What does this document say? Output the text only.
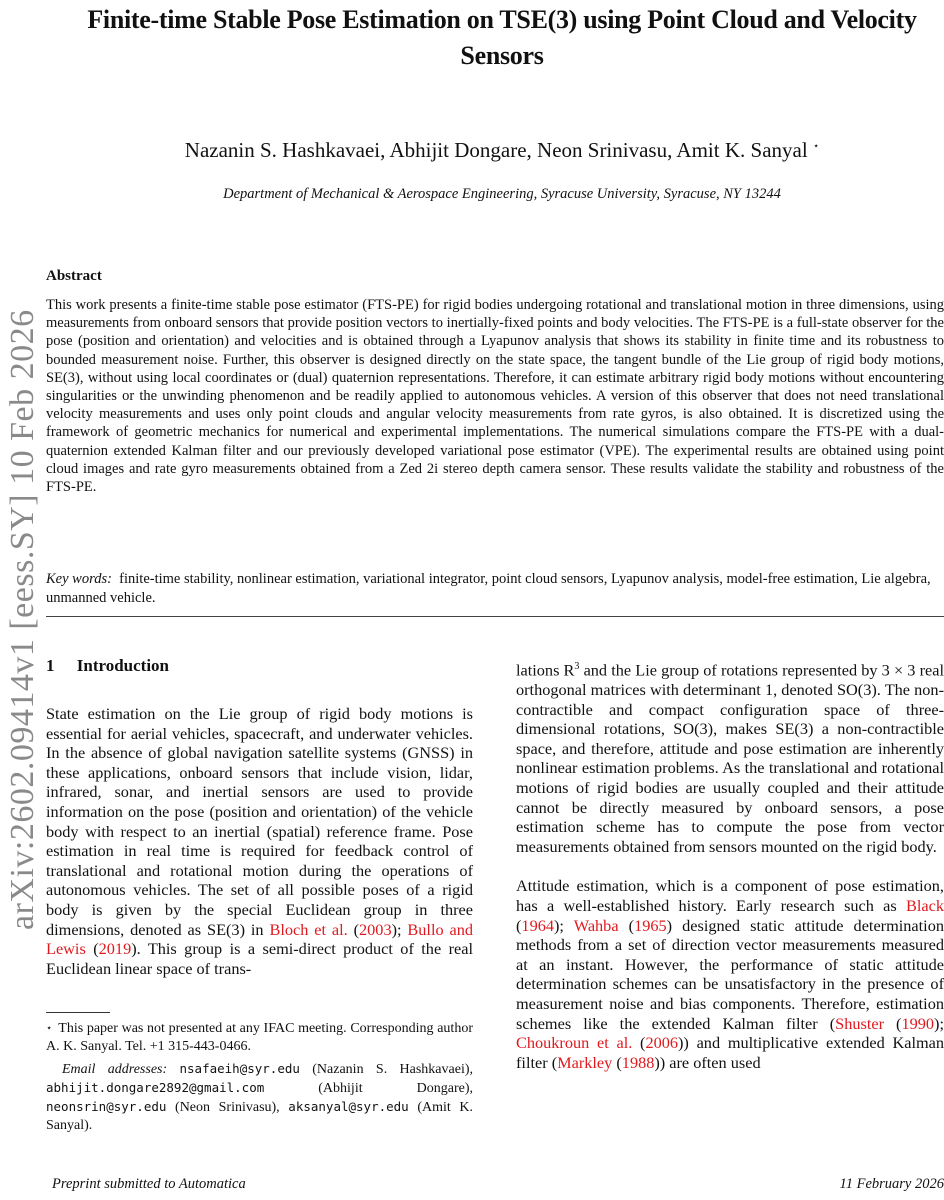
arXiv:2602.09414v1 [eess.SY] 10 Feb 2026
Finite-time Stable Pose Estimation on TSE(3) using Point Cloud and Velocity Sensors
Nazanin S. Hashkavaei, Abhijit Dongare, Neon Srinivasu, Amit K. Sanyal ⋆
Department of Mechanical & Aerospace Engineering, Syracuse University, Syracuse, NY 13244
Abstract
This work presents a finite-time stable pose estimator (FTS-PE) for rigid bodies undergoing rotational and translational motion in three dimensions, using measurements from onboard sensors that provide position vectors to inertially-fixed points and body velocities. The FTS-PE is a full-state observer for the pose (position and orientation) and velocities and is obtained through a Lyapunov analysis that shows its stability in finite time and its robustness to bounded measurement noise. Further, this observer is designed directly on the state space, the tangent bundle of the Lie group of rigid body motions, SE(3), without using local coordinates or (dual) quaternion representations. Therefore, it can estimate arbitrary rigid body motions without encountering singularities or the unwinding phenomenon and be readily applied to autonomous vehicles. A version of this observer that does not need translational velocity measurements and uses only point clouds and angular velocity measurements from rate gyros, is also obtained. It is discretized using the framework of geometric mechanics for numerical and experimental implementations. The numerical simulations compare the FTS-PE with a dual-quaternion extended Kalman filter and our previously developed variational pose estimator (VPE). The experimental results are obtained using point cloud images and rate gyro measurements obtained from a Zed 2i stereo depth camera sensor. These results validate the stability and robustness of the FTS-PE.
Key words: finite-time stability, nonlinear estimation, variational integrator, point cloud sensors, Lyapunov analysis, model-free estimation, Lie algebra, unmanned vehicle.
1 Introduction

State estimation on the Lie group of rigid body motions is essential for aerial vehicles, spacecraft, and underwater vehicles. In the absence of global navigation satellite systems (GNSS) in these applications, onboard sensors that include vision, lidar, infrared, sonar, and inertial sensors are used to provide information on the pose (position and orientation) of the vehicle body with respect to an inertial (spatial) reference frame. Pose estimation in real time is required for feedback control of translational and rotational motion during the operations of autonomous vehicles. The set of all possible poses of a rigid body is given by the special Euclidean group in three dimensions, denoted as SE(3) in Bloch et al. (2003); Bullo and Lewis (2019). This group is a semi-direct product of the real Euclidean linear space of trans-

⋆ This paper was not presented at any IFAC meeting. Corresponding author A. K. Sanyal. Tel. +1 315-443-0466.

Email addresses: nsafaeih@syr.edu (Nazanin S. Hashkavaei), abhijit.dongare2892@gmail.com (Abhijit Dongare), neonsrin@syr.edu (Neon Srinivasu), aksanyal@syr.edu (Amit K. Sanyal).

lations $R^3$ and the Lie group of rotations represented by 3 × 3 real orthogonal matrices with determinant 1, denoted SO(3). The non-contractible and compact configuration space of three-dimensional rotations, SO(3), makes SE(3) a non-contractible space, and therefore, attitude and pose estimation are inherently nonlinear estimation problems. As the translational and rotational motions of rigid bodies are usually coupled and their attitude cannot be directly measured by onboard sensors, a pose estimation scheme has to compute the pose from vector measurements obtained from sensors mounted on the rigid body.

Attitude estimation, which is a component of pose estimation, has a well-established history. Early research such as Black (1964); Wahba (1965) designed static attitude determination methods from a set of direction vector measurements measured at an instant. However, the performance of static attitude determination schemes can be unsatisfactory in the presence of measurement noise and bias components. Therefore, estimation schemes like the extended Kalman filter (Shuster (1990); Choukroun et al. (2006)) and multiplicative extended Kalman filter (Markley (1988)) are often used

Preprint submitted to Automatica	11 February 2026
